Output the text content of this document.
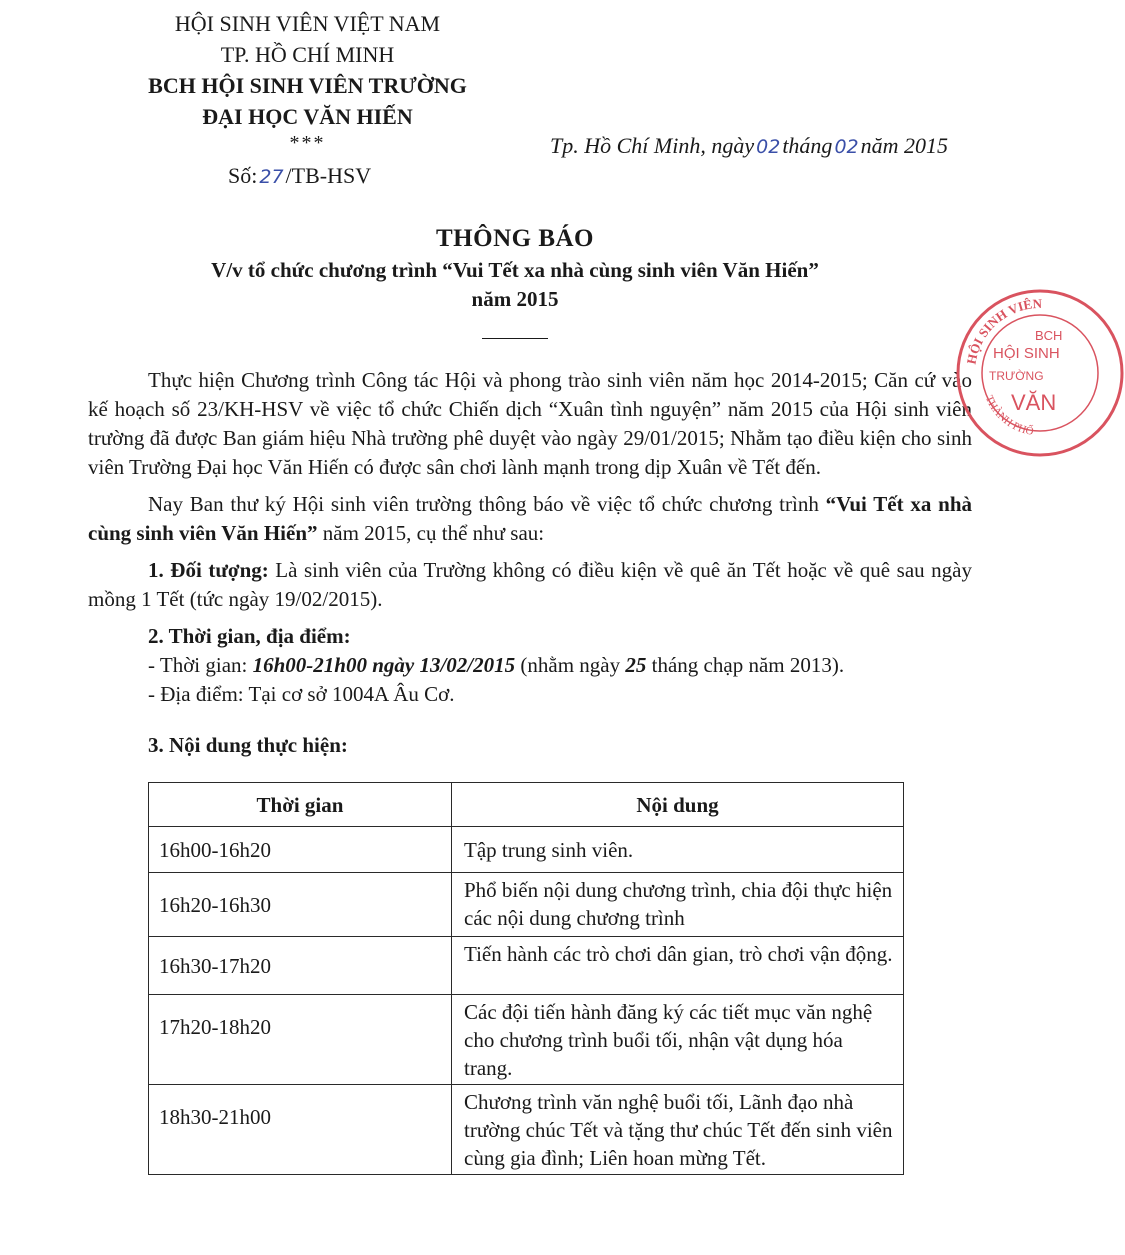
HỘI SINH VIÊN VIỆT NAM
TP. HỒ CHÍ MINH
BCH HỘI SINH VIÊN TRƯỜNG
ĐẠI HỌC VĂN HIẾN
***
Số: 27/TB-HSV
Tp. Hồ Chí Minh, ngày 02tháng 02năm 2015
THÔNG BÁO
V/v tổ chức chương trình “Vui Tết xa nhà cùng sinh viên Văn Hiến”
năm 2015

Thực hiện Chương trình Công tác Hội và phong trào sinh viên năm học 2014-2015; Căn cứ vào kế hoạch số 23/KH-HSV về việc tổ chức Chiến dịch “Xuân tình nguyện” năm 2015 của Hội sinh viên trường đã được Ban giám hiệu Nhà trường phê duyệt vào ngày 29/01/2015; Nhằm tạo điều kiện cho sinh viên Trường Đại học Văn Hiến có được sân chơi lành mạnh trong dịp Xuân về Tết đến.

Nay Ban thư ký Hội sinh viên trường thông báo về việc tổ chức chương trình “Vui Tết xa nhà cùng sinh viên Văn Hiến” năm 2015, cụ thể như sau:

1. Đối tượng: Là sinh viên của Trường không có điều kiện về quê ăn Tết hoặc về quê sau ngày mồng 1 Tết (tức ngày 19/02/2015).

2. Thời gian, địa điểm:

- Thời gian: 16h00-21h00 ngày 13/02/2015 (nhằm ngày 25 tháng chạp năm 2013).

- Địa điểm: Tại cơ sở 1004A Âu Cơ.

3. Nội dung thực hiện:

Thời gian	Nội dung
16h00-16h20	Tập trung sinh viên.
16h20-16h30	Phổ biến nội dung chương trình, chia đội thực hiện các nội dung chương trình
16h30-17h20	Tiến hành các trò chơi dân gian, trò chơi vận động.
17h20-18h20	Các đội tiến hành đăng ký các tiết mục văn nghệ cho chương trình buổi tối, nhận vật dụng hóa trang.
18h30-21h00	Chương trình văn nghệ buổi tối, Lãnh đạo nhà trường chúc Tết và tặng thư chúc Tết đến sinh viên cùng gia đình; Liên hoan mừng Tết.
HỘI SINH VIÊN
THÀNH PHỐ
BCH
HỘI SINH
TRƯỜNG
VĂN
